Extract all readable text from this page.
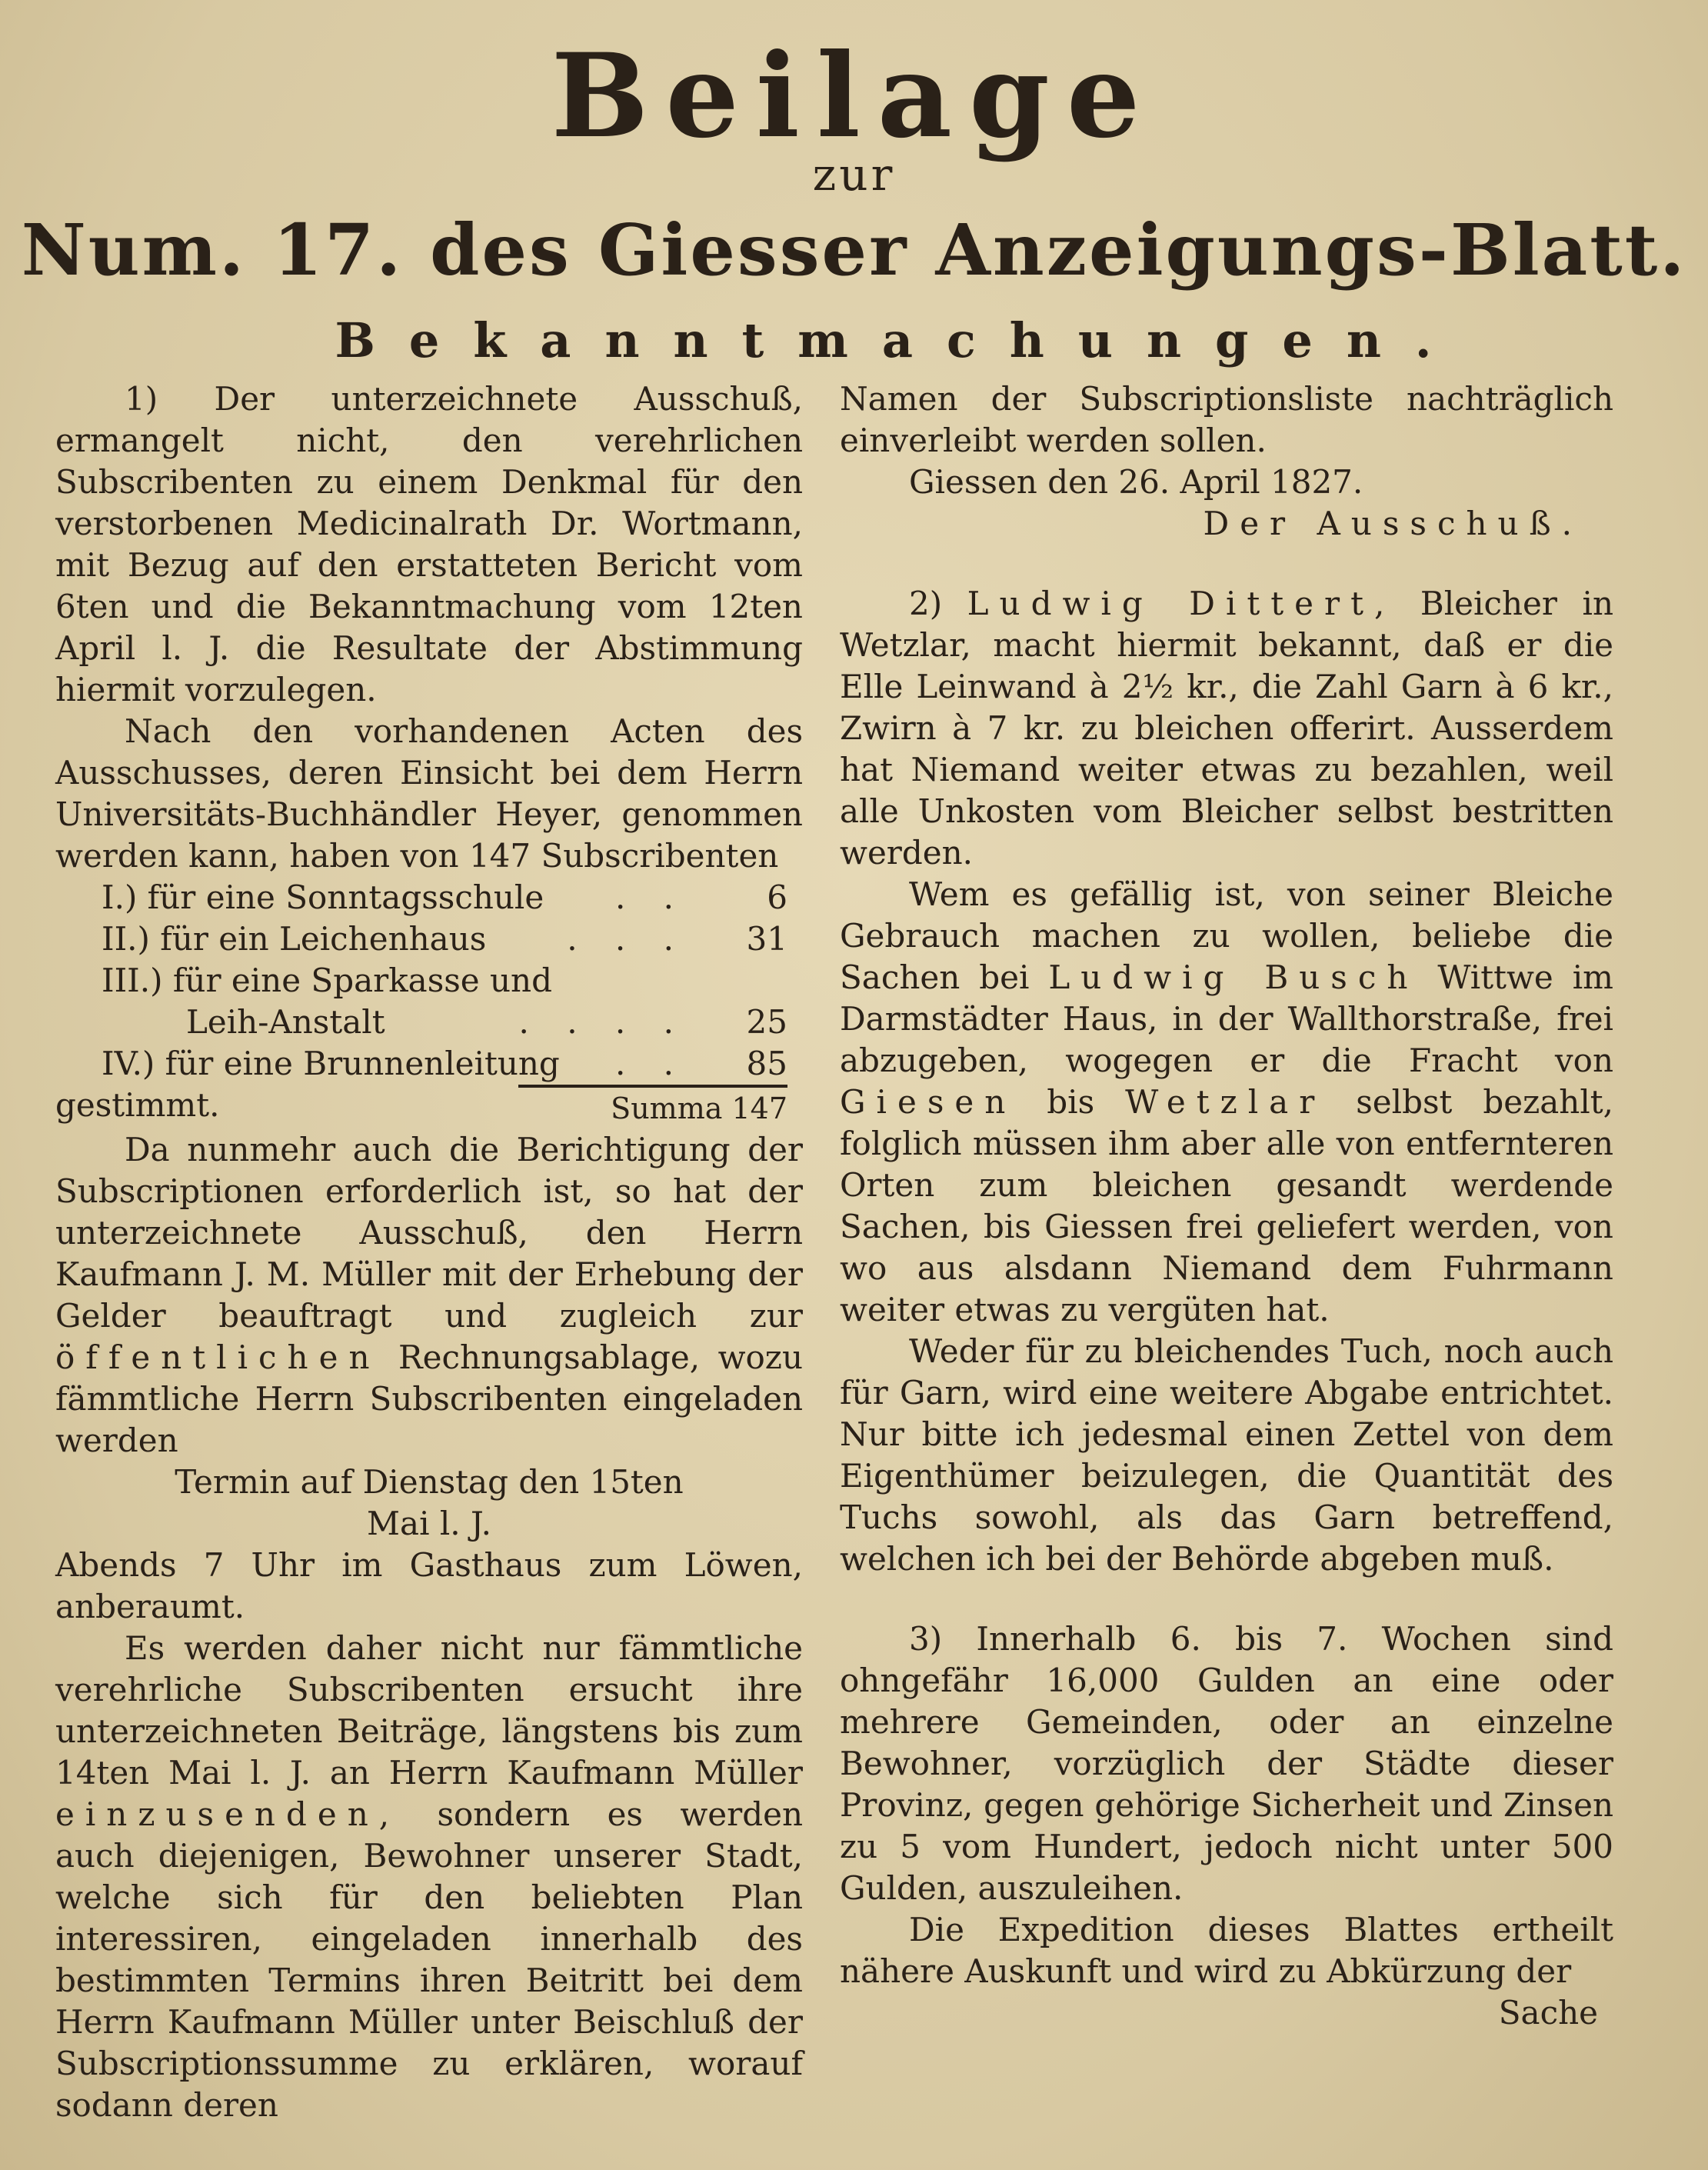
Beilage
zur
Num. 17. des Giesser Anzeigungs-Blatt.
Bekanntmachungen.

1) Der unterzeichnete Ausschuß, ermangelt nicht, den verehrlichen Subscribenten zu einem Denkmal für den verstorbenen Medicinalrath Dr. Wortmann, mit Bezug auf den erstatteten Bericht vom 6ten und die Bekanntmachung vom 12ten April l. J. die Resultate der Abstimmung hiermit vorzulegen.

Nach den vorhandenen Acten des Ausschusses, deren Einsicht bei dem Herrn Universitäts-Buchhändler Heyer, genommen werden kann, haben von 147 Subscribenten

I.) für eine Sonntagsschule	. .	6
II.) für ein Leichenhaus	. . .	31
III.) für eine Sparkasse und
Leih-Anstalt	. . . .	25
IV.) für eine Brunnenleitung	. .	85
gestimmt.	Summa 147

Da nunmehr auch die Berichtigung der Subscriptionen erforderlich ist, so hat der unterzeichnete Ausschuß, den Herrn Kaufmann J. M. Müller mit der Erhebung der Gelder beauftragt und zugleich zur öffentlichen Rechnungsablage, wozu fämmtliche Herrn Subscribenten eingeladen werden

Termin auf Dienstag den 15ten

Mai l. J.

Abends 7 Uhr im Gasthaus zum Löwen, anberaumt.

Es werden daher nicht nur fämmtliche verehrliche Subscribenten ersucht ihre unterzeichneten Beiträge, längstens bis zum 14ten Mai l. J. an Herrn Kaufmann Müller einzusenden, sondern es werden auch diejenigen, Bewohner unserer Stadt, welche sich für den beliebten Plan interessiren, eingeladen innerhalb des bestimmten Termins ihren Beitritt bei dem Herrn Kaufmann Müller unter Beischluß der Subscriptionssumme zu erklären, worauf sodann deren

Namen der Subscriptionsliste nachträglich einverleibt werden sollen.

Giessen den 26. April 1827.

Der Ausschuß.

2) Ludwig Dittert, Bleicher in Wetzlar, macht hiermit bekannt, daß er die Elle Leinwand à 2½ kr., die Zahl Garn à 6 kr., Zwirn à 7 kr. zu bleichen offerirt. Ausserdem hat Niemand weiter etwas zu bezahlen, weil alle Unkosten vom Bleicher selbst bestritten werden.

Wem es gefällig ist, von seiner Bleiche Gebrauch machen zu wollen, beliebe die Sachen bei Ludwig Busch Wittwe im Darmstädter Haus, in der Wallthorstraße, frei abzugeben, wogegen er die Fracht von Giesen bis Wetzlar selbst bezahlt, folglich müssen ihm aber alle von entfernteren Orten zum bleichen gesandt werdende Sachen, bis Giessen frei geliefert werden, von wo aus alsdann Niemand dem Fuhrmann weiter etwas zu vergüten hat.

Weder für zu bleichendes Tuch, noch auch für Garn, wird eine weitere Abgabe entrichtet. Nur bitte ich jedesmal einen Zettel von dem Eigenthümer beizulegen, die Quantität des Tuchs sowohl, als das Garn betreffend, welchen ich bei der Behörde abgeben muß.

3) Innerhalb 6. bis 7. Wochen sind ohngefähr 16,000 Gulden an eine oder mehrere Gemeinden, oder an einzelne Bewohner, vorzüglich der Städte dieser Provinz, gegen gehörige Sicherheit und Zinsen zu 5 vom Hundert, jedoch nicht unter 500 Gulden, auszuleihen.

Die Expedition dieses Blattes ertheilt nähere Auskunft und wird zu Abkürzung der

Sache
